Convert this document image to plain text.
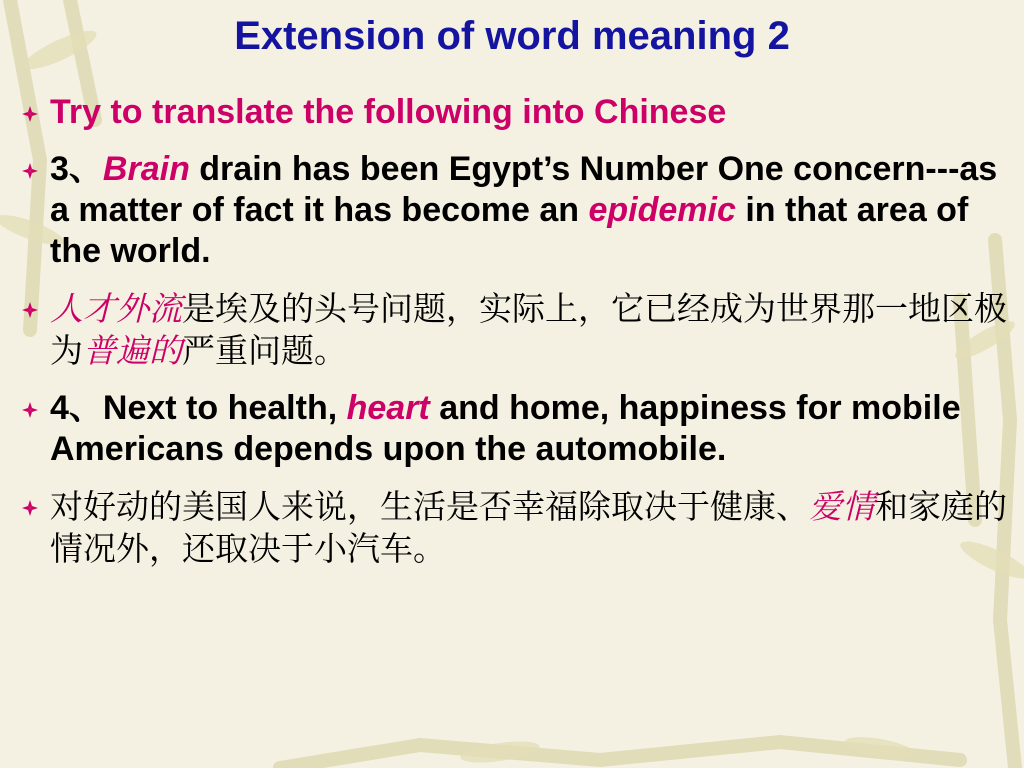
Extension of word meaning 2

Try to translate the following into Chinese

3、Brain drain has been Egypt’s Number One concern---as a matter of fact it has become an epidemic in that area of the world.

人才外流是埃及的头号问题，实际上，它已经成为世界那一地区极为普遍的严重问题。

4、Next to health, heart and home, happiness for mobile Americans depends upon the automobile.

对好动的美国人来说，生活是否幸福除取决于健康、爱情和家庭的情况外，还取决于小汽车。
